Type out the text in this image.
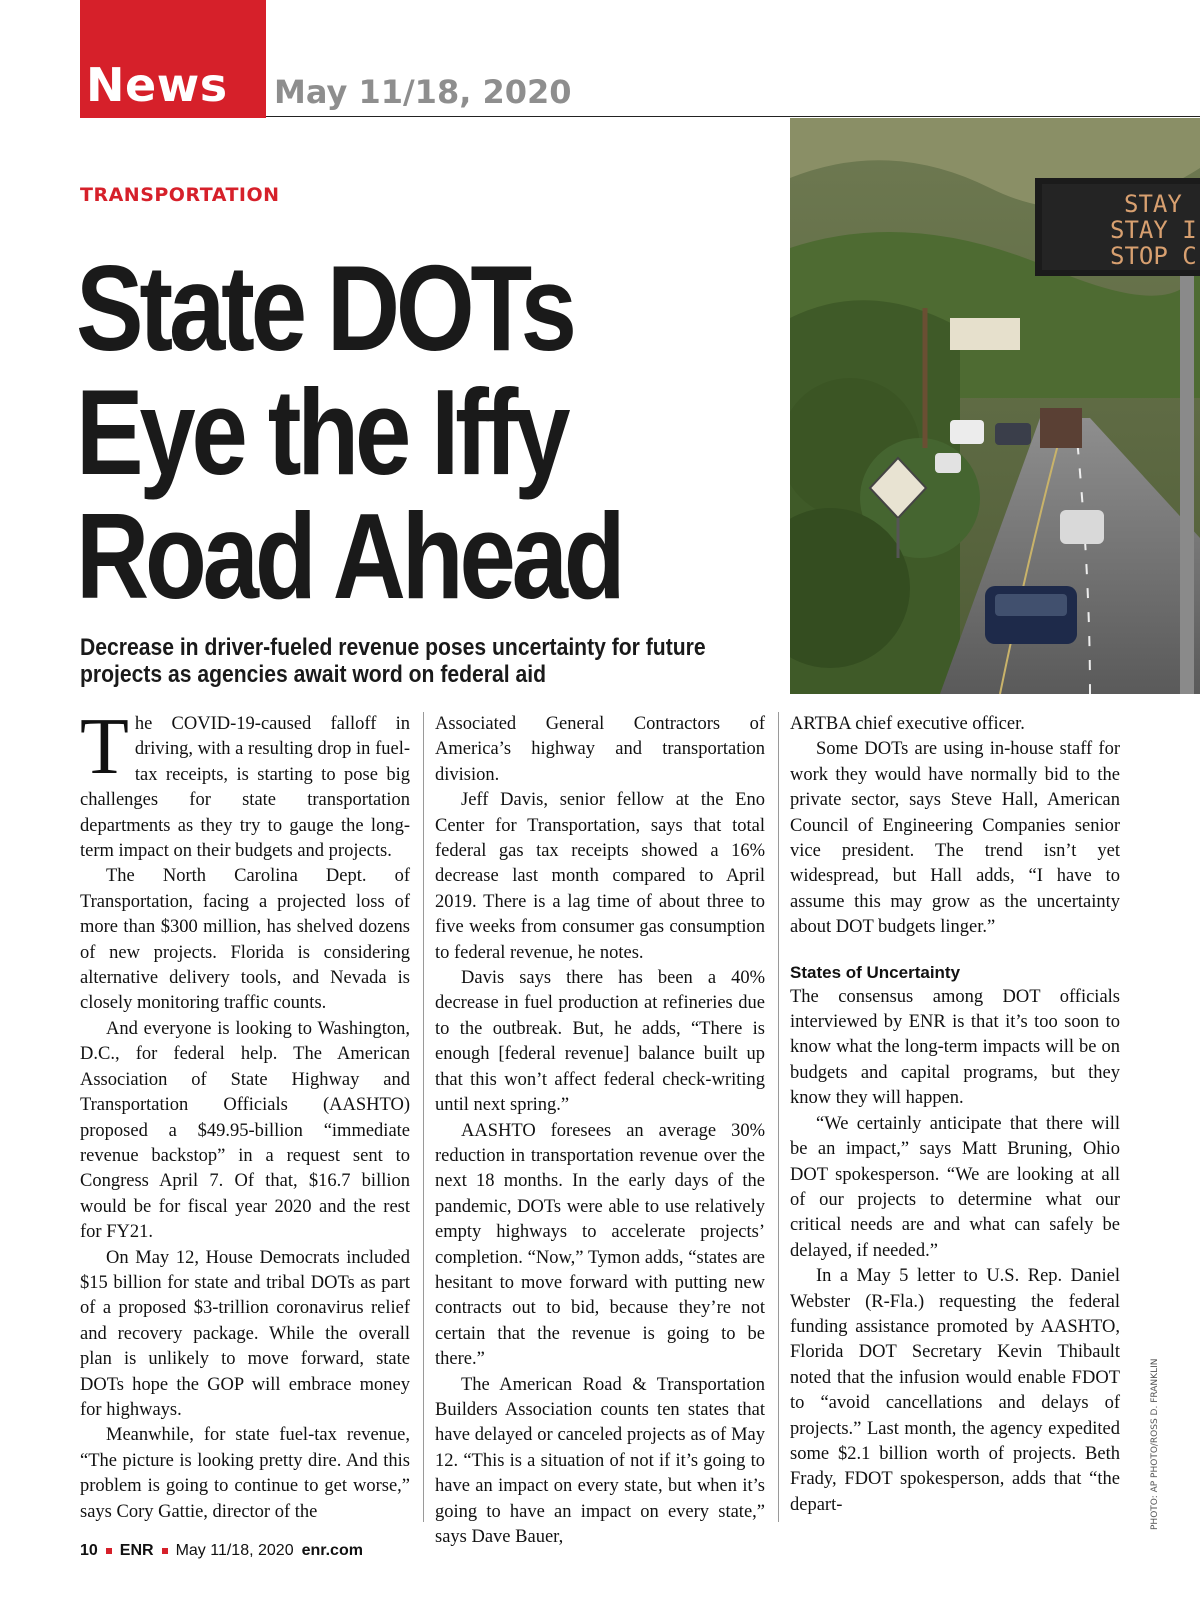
News May 11/18, 2020
STAY
STAY I
STOP C
TRANSPORTATION
State DOTs
Eye the Iffy
Road Ahead

Decrease in driver-fueled revenue poses uncertainty for future projects as agencies await word on federal aid

The COVID-19-caused falloff in driving, with a resulting drop in fuel-tax receipts, is starting to pose big challenges for state transportation departments as they try to gauge the long-term impact on their budgets and projects.

The North Carolina Dept. of Transportation, facing a projected loss of more than $300 million, has shelved dozens of new projects. Florida is considering alternative delivery tools, and Nevada is closely monitoring traffic counts.

And everyone is looking to Washington, D.C., for federal help. The American Association of State Highway and Transportation Officials (AASHTO) proposed a $49.95-billion “immediate revenue backstop” in a request sent to Congress April 7. Of that, $16.7 billion would be for fiscal year 2020 and the rest for FY21.

On May 12, House Democrats included $15 billion for state and tribal DOTs as part of a proposed $3-trillion coronavirus relief and recovery package. While the overall plan is unlikely to move forward, state DOTs hope the GOP will embrace money for highways.

Meanwhile, for state fuel-tax revenue, “The picture is looking pretty dire. And this problem is going to continue to get worse,” says Cory Gattie, director of the

Associated General Contractors of America’s highway and transportation division.

Jeff Davis, senior fellow at the Eno Center for Transportation, says that total federal gas tax receipts showed a 16% decrease last month compared to April 2019. There is a lag time of about three to five weeks from consumer gas consumption to federal revenue, he notes.

Davis says there has been a 40% decrease in fuel production at refineries due to the outbreak. But, he adds, “There is enough [federal revenue] balance built up that this won’t affect federal check-writing until next spring.”

AASHTO foresees an average 30% reduction in transportation revenue over the next 18 months. In the early days of the pandemic, DOTs were able to use relatively empty highways to accelerate projects’ completion. “Now,” Tymon adds, “states are hesitant to move forward with putting new contracts out to bid, because they’re not certain that the revenue is going to be there.”

The American Road & Transportation Builders Association counts ten states that have delayed or canceled projects as of May 12. “This is a situation of not if it’s going to have an impact on every state, but when it’s going to have an impact on every state,” says Dave Bauer,

ARTBA chief executive officer.

Some DOTs are using in-house staff for work they would have normally bid to the private sector, says Steve Hall, American Council of Engineering Companies senior vice president. The trend isn’t yet widespread, but Hall adds, “I have to assume this may grow as the uncertainty about DOT budgets linger.”

States of Uncertainty

The consensus among DOT officials interviewed by ENR is that it’s too soon to know what the long-term impacts will be on budgets and capital programs, but they know they will happen.

“We certainly anticipate that there will be an impact,” says Matt Bruning, Ohio DOT spokesperson. “We are looking at all of our projects to determine what our critical needs are and what can safely be delayed, if needed.”

In a May 5 letter to U.S. Rep. Daniel Webster (R-Fla.) requesting the federal funding assistance promoted by AASHTO, Florida DOT Secretary Kevin Thibault noted that the infusion would enable FDOT to “avoid cancellations and delays of projects.” Last month, the agency expedited some $2.1 billion worth of projects. Beth Frady, FDOT spokesperson, adds that “the depart-	PHOTO: AP PHOTO/ROSS D. FRANKLIN
10 ENR May 11/18, 2020 enr.com
